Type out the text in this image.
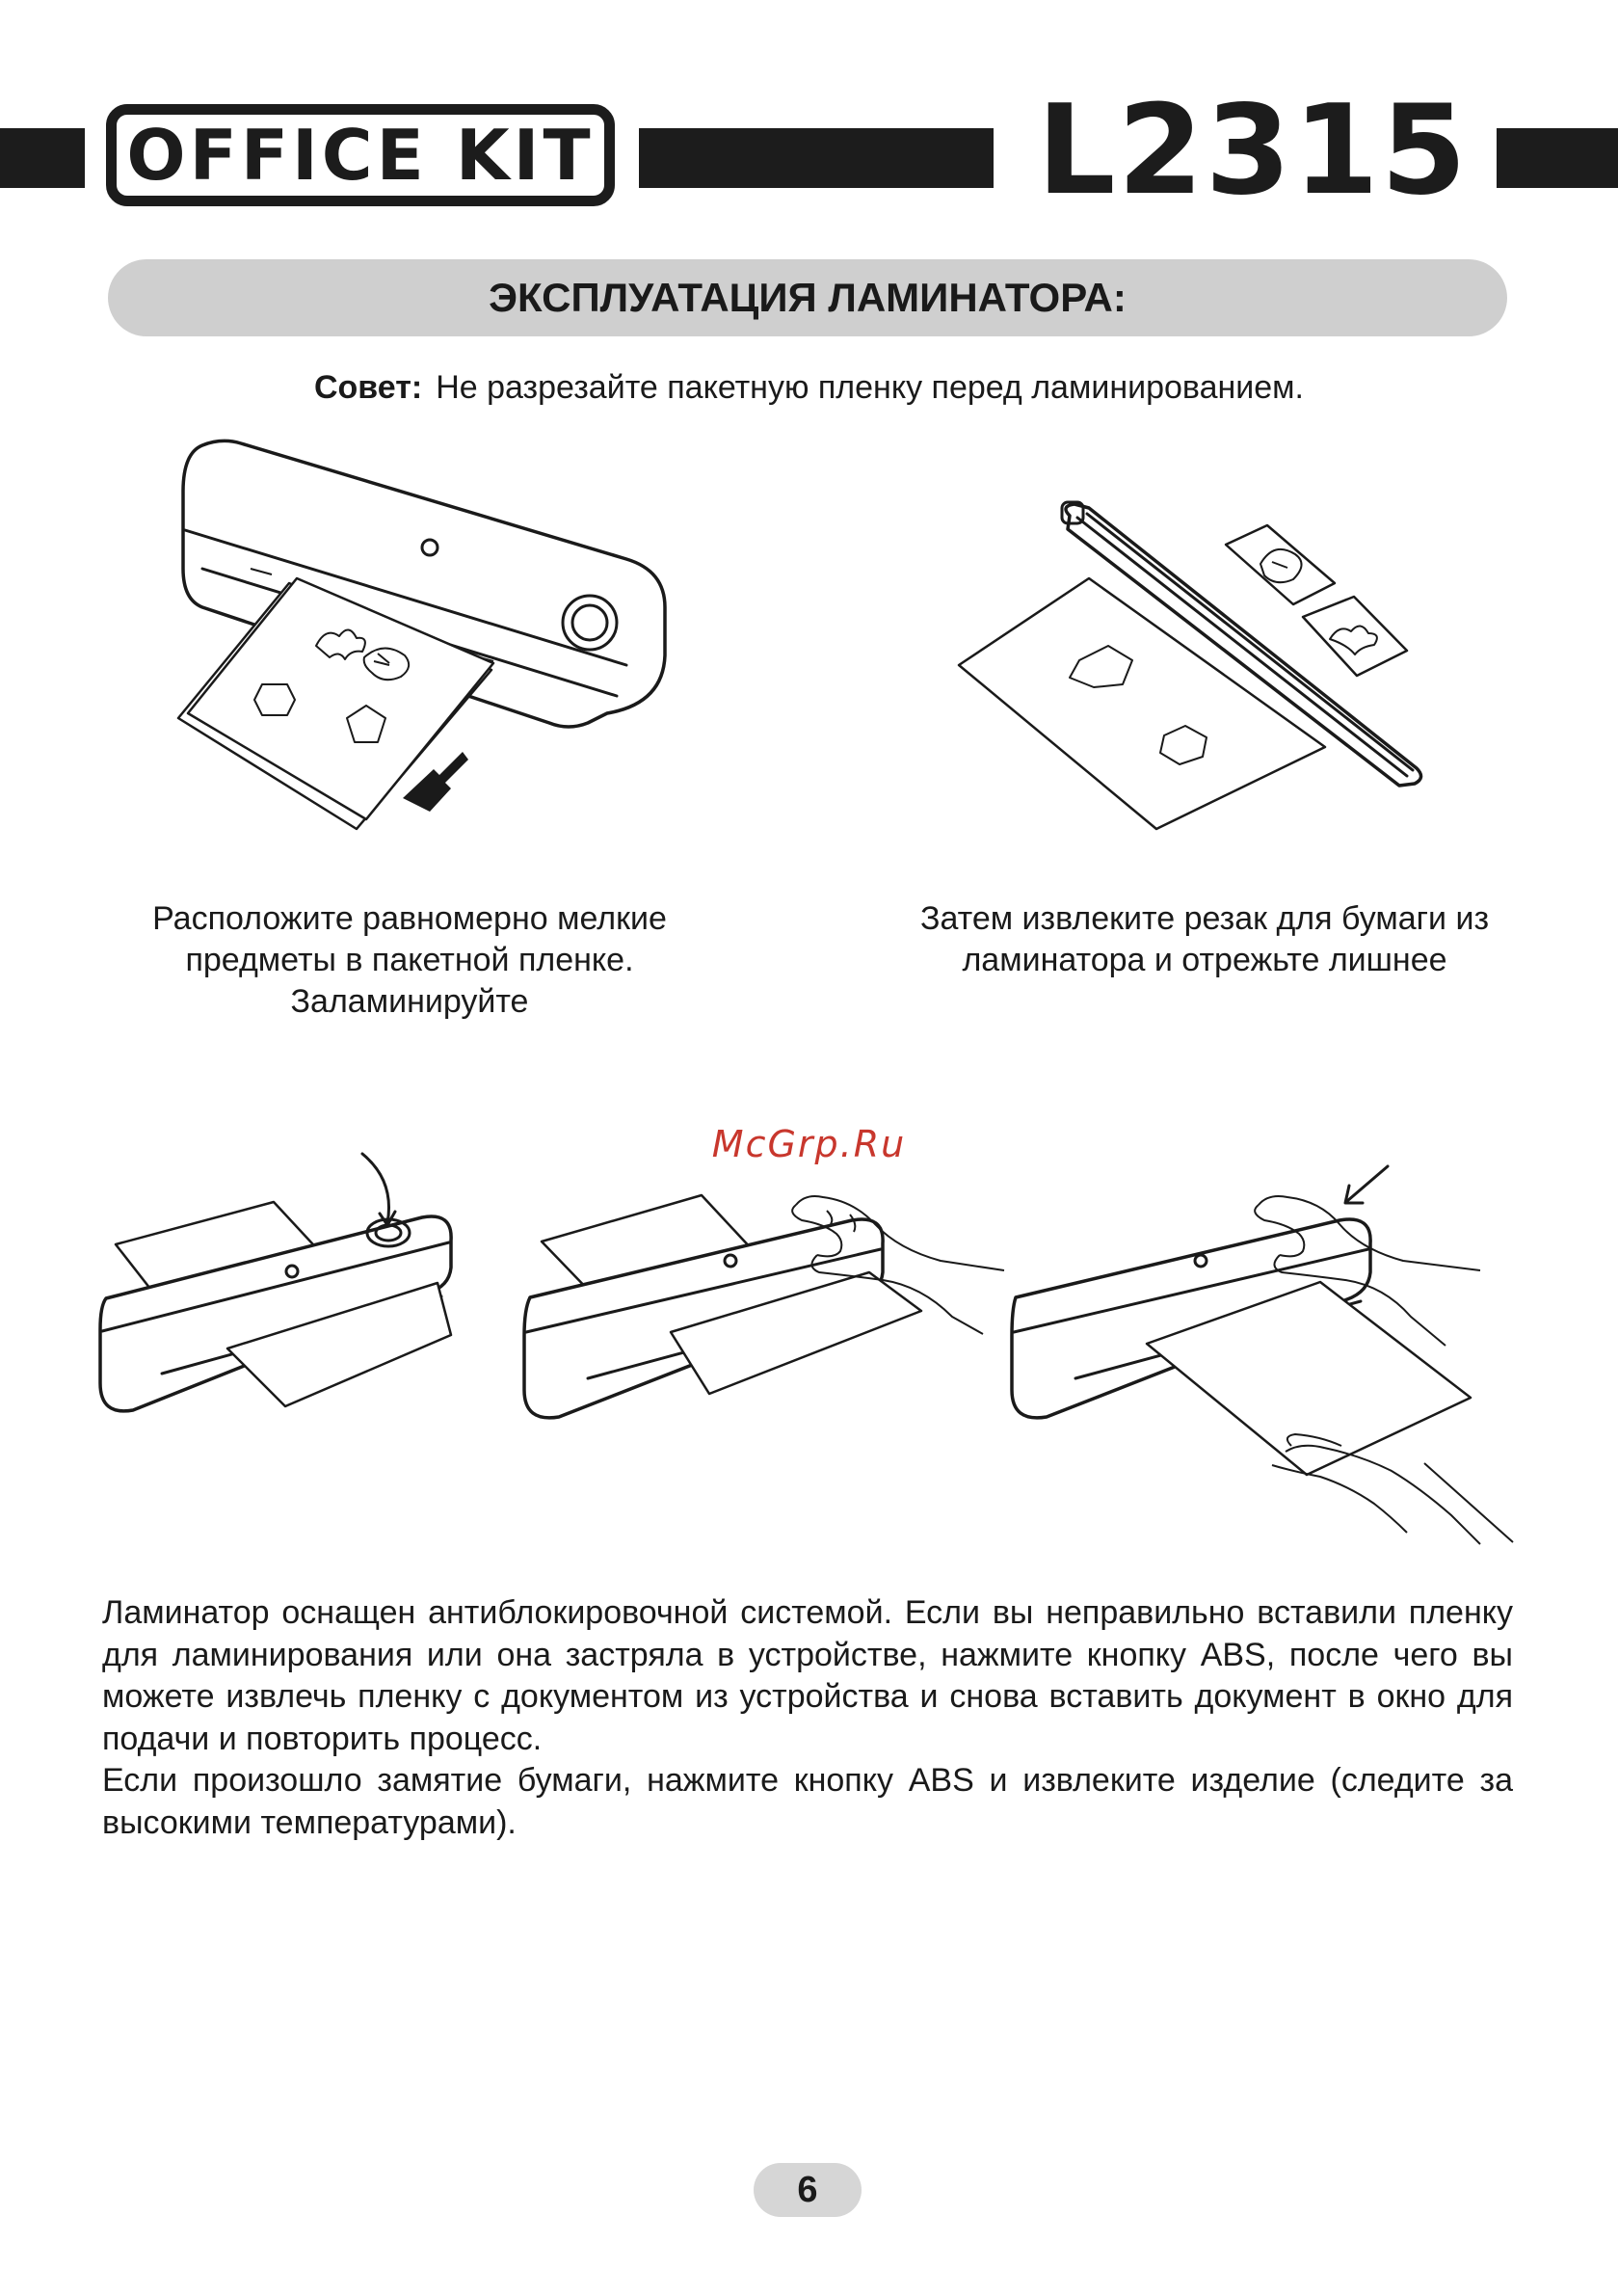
OFFICE KIT	L2315
ЭКСПЛУАТАЦИЯ ЛАМИНАТОРА:
Совет: Не разрезайте пакетную пленку перед ламинированием.
Расположите равномерно мелкие
предметы в пакетной пленке.
Заламинируйте
Затем извлеките резак для бумаги из
ламинатора и отрежьте лишнее
McGrp.Ru

Ламинатор оснащен антиблокировочной системой. Если вы неправильно вставили пленку для ламинирования или она застряла в устройстве, нажмите кнопку ABS, после чего вы можете извлечь пленку с документом из устройства и снова вставить документ в окно для подачи и повторить процесс.

Если произошло замятие бумаги, нажмите кнопку ABS и извлеките изделие (следите за высокими температурами).

6
